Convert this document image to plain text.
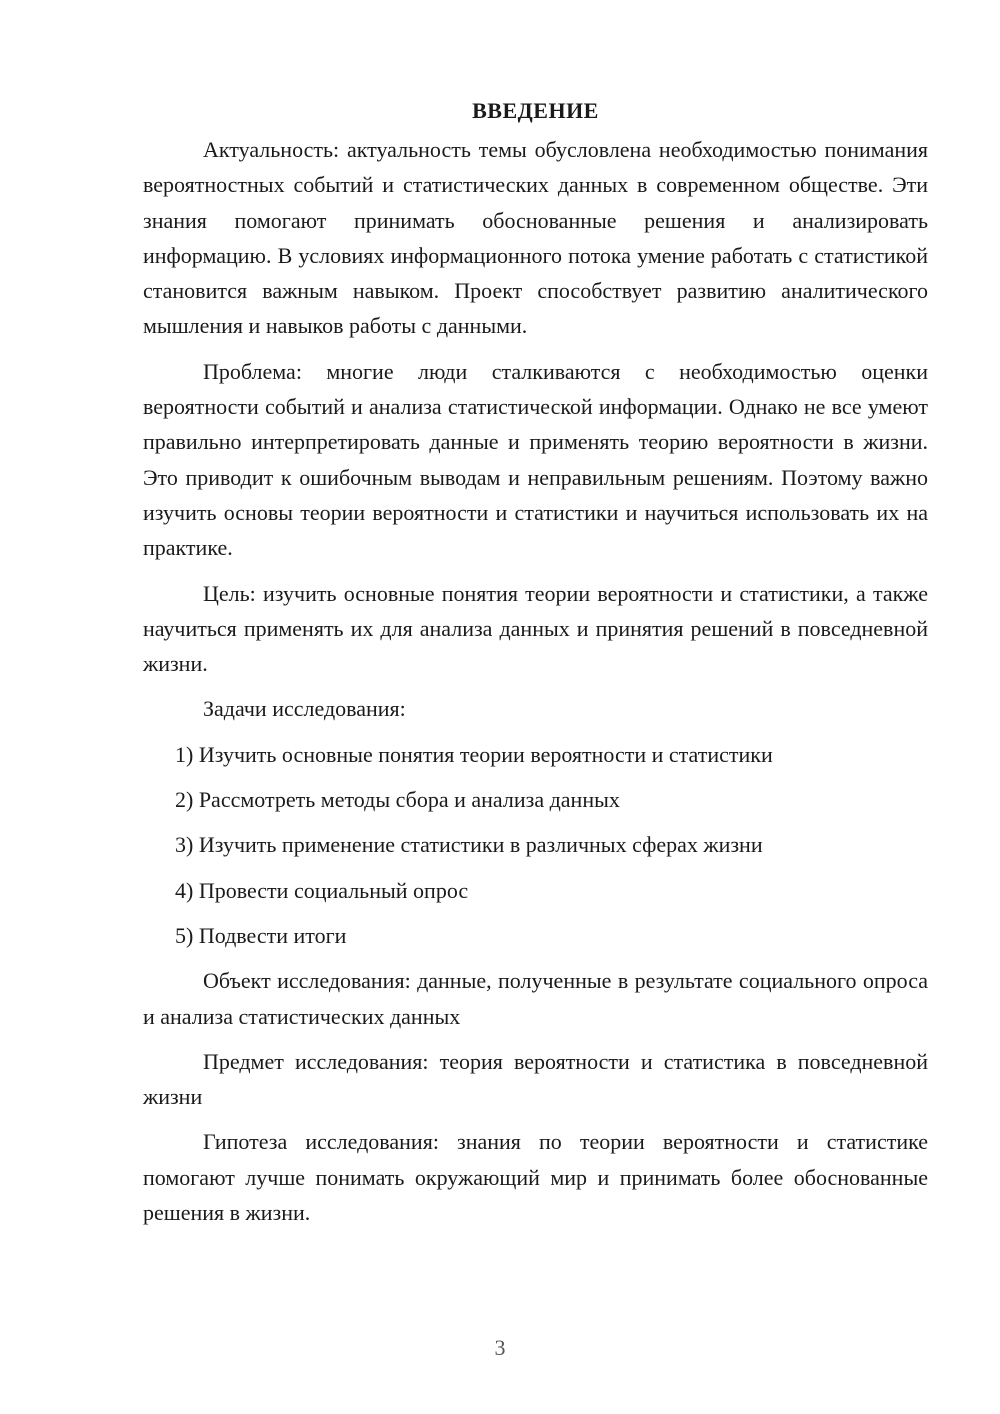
ВВЕДЕНИЕ

Актуальность: актуальность темы обусловлена необходимостью понимания вероятностных событий и статистических данных в современном обществе. Эти знания помогают принимать обоснованные решения и анализировать информацию. В условиях информационного потока умение работать с статистикой становится важным навыком. Проект способствует развитию аналитического мышления и навыков работы с данными.

Проблема: многие люди сталкиваются с необходимостью оценки вероятности событий и анализа статистической информации. Однако не все умеют правильно интерпретировать данные и применять теорию вероятности в жизни. Это приводит к ошибочным выводам и неправильным решениям. Поэтому важно изучить основы теории вероятности и статистики и научиться использовать их на практике.

Цель: изучить основные понятия теории вероятности и статистики, а также научиться применять их для анализа данных и принятия решений в повседневной жизни.

Задачи исследования:

1) Изучить основные понятия теории вероятности и статистики
2) Рассмотреть методы сбора и анализа данных
3) Изучить применение статистики в различных сферах жизни
4) Провести социальный опрос
5) Подвести итоги

Объект исследования: данные, полученные в результате социального опроса и анализа статистических данных

Предмет исследования: теория вероятности и статистика в повседневной жизни

Гипотеза исследования: знания по теории вероятности и статистике помогают лучше понимать окружающий мир и принимать более обоснованные решения в жизни.

3
